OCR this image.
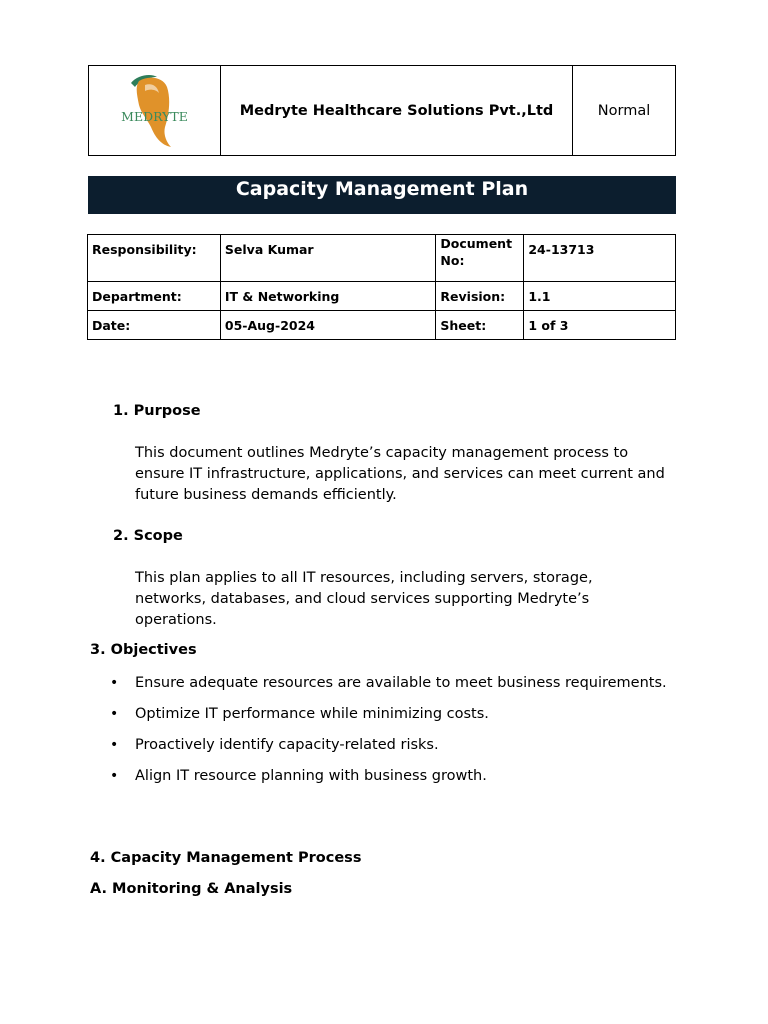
MEDRYTE	Medryte Healthcare Solutions Pvt.,Ltd	Normal
Capacity Management Plan
Responsibility:	Selva Kumar	Document No:	24-13713
Department:	IT & Networking	Revision:	1.1
Date:	05-Aug-2024	Sheet:	1 of 3
1. Purpose
This document outlines Medryte’s capacity management process to ensure IT infrastructure, applications, and services can meet current and future business demands efficiently.
2. Scope
This plan applies to all IT resources, including servers, storage, networks, databases, and cloud services supporting Medryte’s operations.
3. Objectives
• Ensure adequate resources are available to meet business requirements.
• Optimize IT performance while minimizing costs.
• Proactively identify capacity-related risks.
• Align IT resource planning with business growth.
4. Capacity Management Process
A. Monitoring & Analysis
